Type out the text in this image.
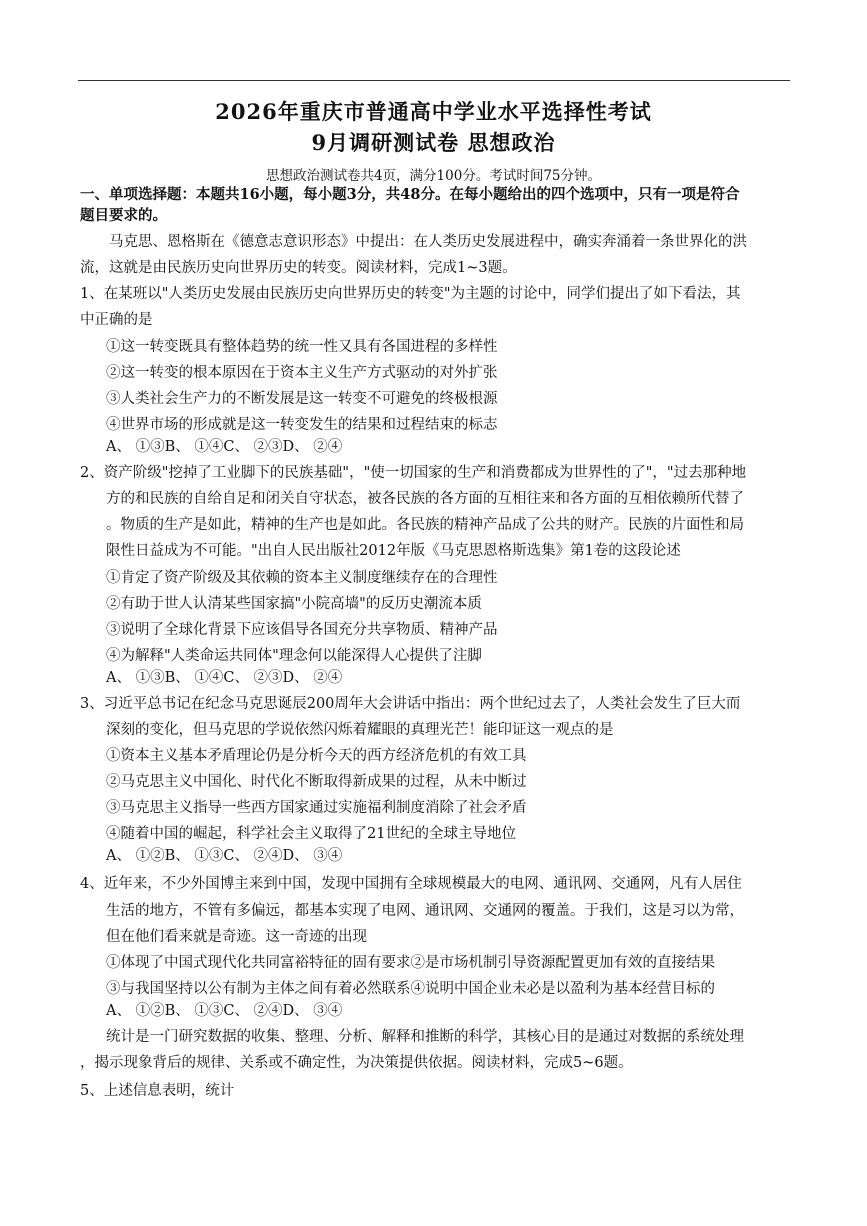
2026年重庆市普通高中学业水平选择性考试
9月调研测试卷 思想政治
思想政治测试卷共4页，满分100分。考试时间75分钟。
一、单项选择题：本题共16小题，每小题3分，共48分。在每小题给出的四个选项中，只有一项是符合
题目要求的。
马克思、恩格斯在《德意志意识形态》中提出：在人类历史发展进程中，确实奔涌着一条世界化的洪
流，这就是由民族历史向世界历史的转变。阅读材料，完成1~3题。
1、在某班以"人类历史发展由民族历史向世界历史的转变"为主题的讨论中，同学们提出了如下看法，其
中正确的是
①这一转变既具有整体趋势的统一性又具有各国进程的多样性
②这一转变的根本原因在于资本主义生产方式驱动的对外扩张
③人类社会生产力的不断发展是这一转变不可避免的终极根源
④世界市场的形成就是这一转变发生的结果和过程结束的标志
A、 ①③B、 ①④C、 ②③D、 ②④
2、资产阶级"挖掉了工业脚下的民族基础"，"使一切国家的生产和消费都成为世界性的了"，"过去那种地
方的和民族的自给自足和闭关自守状态，被各民族的各方面的互相往来和各方面的互相依赖所代替了
。物质的生产是如此，精神的生产也是如此。各民族的精神产品成了公共的财产。民族的片面性和局
限性日益成为不可能。"出自人民出版社2012年版《马克思恩格斯选集》第1卷的这段论述
①肯定了资产阶级及其依赖的资本主义制度继续存在的合理性
②有助于世人认清某些国家搞"小院高墙"的反历史潮流本质
③说明了全球化背景下应该倡导各国充分共享物质、精神产品
④为解释"人类命运共同体"理念何以能深得人心提供了注脚
A、 ①③B、 ①④C、 ②③D、 ②④
3、习近平总书记在纪念马克思诞辰200周年大会讲话中指出：两个世纪过去了，人类社会发生了巨大而
深刻的变化，但马克思的学说依然闪烁着耀眼的真理光芒！能印证这一观点的是
①资本主义基本矛盾理论仍是分析今天的西方经济危机的有效工具
②马克思主义中国化、时代化不断取得新成果的过程，从未中断过
③马克思主义指导一些西方国家通过实施福利制度消除了社会矛盾
④随着中国的崛起，科学社会主义取得了21世纪的全球主导地位
A、 ①②B、 ①③C、 ②④D、 ③④
4、近年来，不少外国博主来到中国，发现中国拥有全球规模最大的电网、通讯网、交通网，凡有人居住
生活的地方，不管有多偏远，都基本实现了电网、通讯网、交通网的覆盖。于我们，这是习以为常，
但在他们看来就是奇迹。这一奇迹的出现
①体现了中国式现代化共同富裕特征的固有要求②是市场机制引导资源配置更加有效的直接结果
③与我国坚持以公有制为主体之间有着必然联系④说明中国企业未必是以盈利为基本经营目标的
A、 ①②B、 ①③C、 ②④D、 ③④
统计是一门研究数据的收集、整理、分析、解释和推断的科学，其核心目的是通过对数据的系统处理
，揭示现象背后的规律、关系或不确定性，为决策提供依据。阅读材料，完成5~6题。
5、上述信息表明，统计
